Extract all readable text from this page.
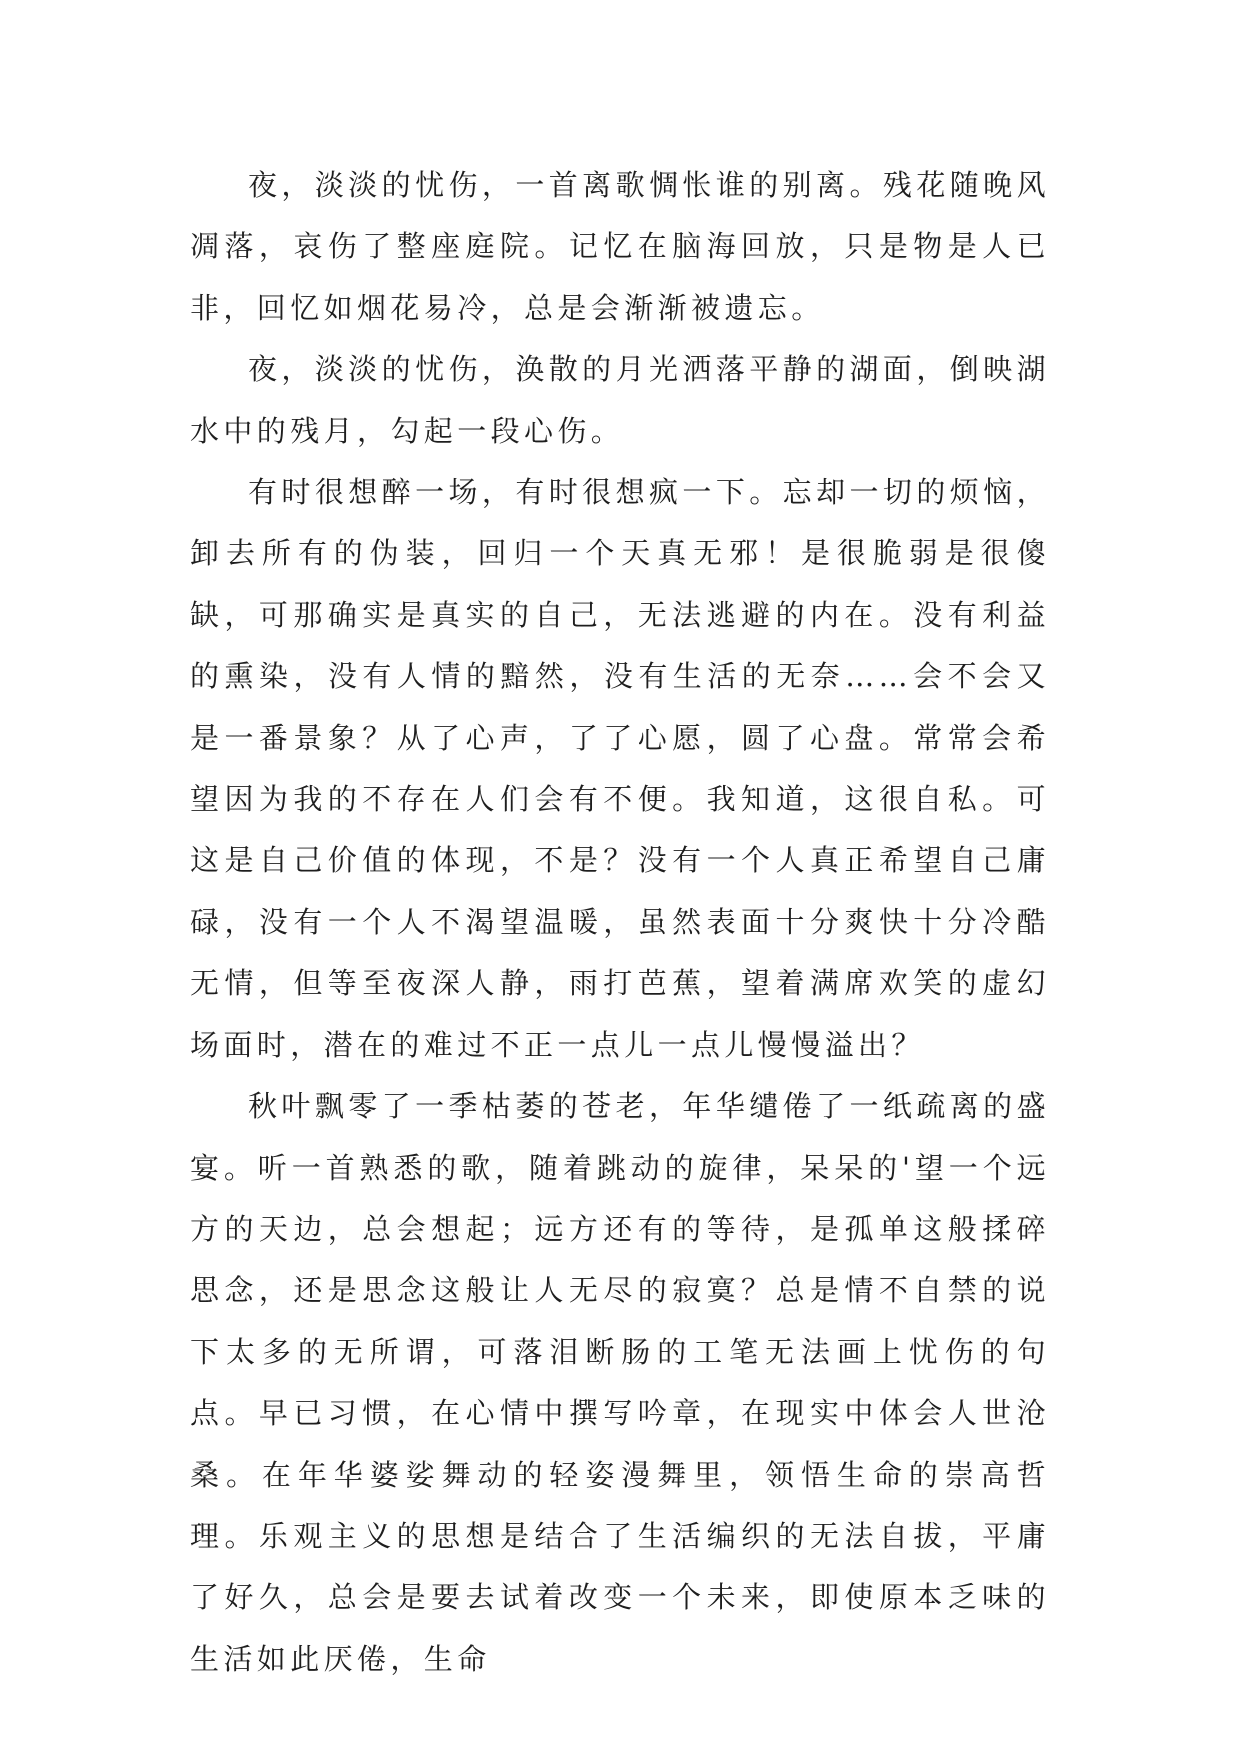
夜，淡淡的忧伤，一首离歌惆怅谁的别离。残花随晚风凋落，哀伤了整座庭院。记忆在脑海回放，只是物是人已非，回忆如烟花易冷，总是会渐渐被遗忘。

夜，淡淡的忧伤，涣散的月光洒落平静的湖面，倒映湖水中的残月，勾起一段心伤。

有时很想醉一场，有时很想疯一下。忘却一切的烦恼，卸去所有的伪装，回归一个天真无邪！是很脆弱是很傻缺，可那确实是真实的自己，无法逃避的内在。没有利益的熏染，没有人情的黯然，没有生活的无奈……会不会又是一番景象？从了心声，了了心愿，圆了心盘。常常会希望因为我的不存在人们会有不便。我知道，这很自私。可这是自己价值的体现，不是？没有一个人真正希望自己庸碌，没有一个人不渴望温暖，虽然表面十分爽快十分冷酷无情，但等至夜深人静，雨打芭蕉，望着满席欢笑的虚幻场面时，潜在的难过不正一点儿一点儿慢慢溢出？

秋叶飘零了一季枯萎的苍老，年华缱倦了一纸疏离的盛宴。听一首熟悉的歌，随着跳动的旋律，呆呆的'望一个远方的天边，总会想起；远方还有的等待，是孤单这般揉碎思念，还是思念这般让人无尽的寂寞？总是情不自禁的说下太多的无所谓，可落泪断肠的工笔无法画上忧伤的句点。早已习惯，在心情中撰写吟章，在现实中体会人世沧桑。在年华婆娑舞动的轻姿漫舞里，领悟生命的崇高哲理。乐观主义的思想是结合了生活编织的无法自拔，平庸了好久，总会是要去试着改变一个未来，即使原本乏味的生活如此厌倦，生命
